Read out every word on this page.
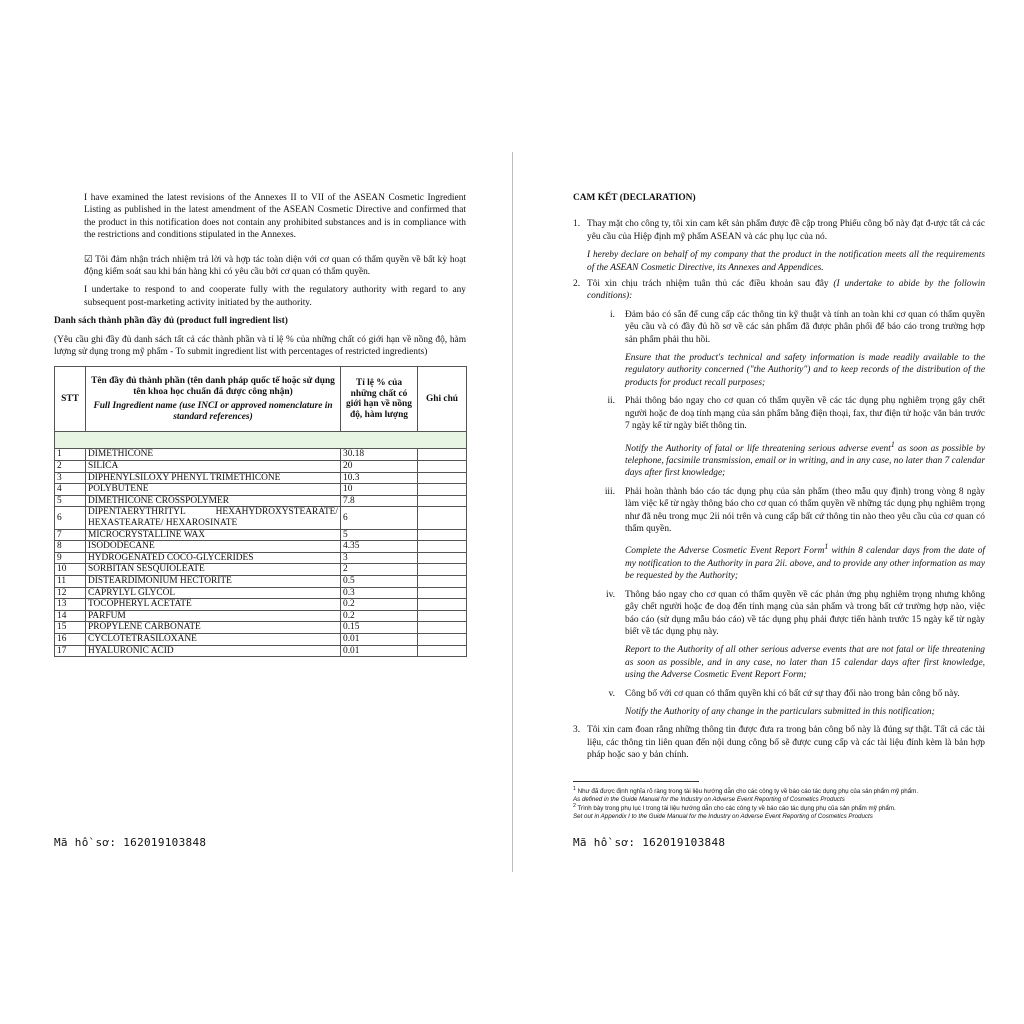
I have examined the latest revisions of the Annexes II to VII of the ASEAN Cosmetic Ingredient Listing as published in the latest amendment of the ASEAN Cosmetic Directive and confirmed that the product in this notification does not contain any prohibited substances and is in compliance with the restrictions and conditions stipulated in the Annexes.

☑ Tôi đảm nhận trách nhiệm trả lời và hợp tác toàn diện với cơ quan có thẩm quyền về bất kỳ hoạt động kiểm soát sau khi bán hàng khi có yêu cầu bởi cơ quan có thẩm quyền.

I undertake to respond to and cooperate fully with the regulatory authority with regard to any subsequent post-marketing activity initiated by the authority.

Danh sách thành phần đầy đủ (product full ingredient list)

(Yêu cầu ghi đầy đủ danh sách tất cả các thành phần và tỉ lệ % của những chất có giới hạn về nồng độ, hàm lượng sử dụng trong mỹ phẩm - To submit ingredient list with percentages of restricted ingredients)

STT	Tên đầy đủ thành phần (tên danh pháp quốc tế hoặc sử dụng tên khoa học chuẩn đã được công nhận)
Full Ingredient name (use INCI or approved nomenclature in standard references)	Tỉ lệ % của những chất có giới hạn về nồng độ, hàm lượng	Ghi chú

1	DIMETHICONE	30.18	
2	SILICA	20	
3	DIPHENYLSILOXY PHENYL TRIMETHICONE	10.3	
4	POLYBUTENE	10	
5	DIMETHICONE CROSSPOLYMER	7.8	
6	DIPENTAERYTHRITYL HEXAHYDROXYSTEARATE/ HEXASTEARATE/ HEXAROSINATE	6	
7	MICROCRYSTALLINE WAX	5	
8	ISODODECANE	4.35	
9	HYDROGENATED COCO-GLYCERIDES	3	
10	SORBITAN SESQUIOLEATE	2	
11	DISTEARDIMONIUM HECTORITE	0.5	
12	CAPRYLYL GLYCOL	0.3	
13	TOCOPHERYL ACETATE	0.2	
14	PARFUM	0.2	
15	PROPYLENE CARBONATE	0.15	
16	CYCLOTETRASILOXANE	0.01	
17	HYALURONIC ACID	0.01	
Mã hồ sơ: 162019103848

CAM KẾT (DECLARATION)

1. Thay mặt cho công ty, tôi xin cam kết sản phẩm được đề cập trong Phiếu công bố này đạt đ-ược tất cả các yêu cầu của Hiệp định mỹ phẩm ASEAN và các phụ lục của nó.

I hereby declare on behalf of my company that the product in the notification meets all the requirements of the ASEAN Cosmetic Directive, its Annexes and Appendices.

2. Tôi xin chịu trách nhiệm tuân thủ các điều khoản sau đây (I undertake to abide by the followin conditions):

i. Đảm bảo có sẵn để cung cấp các thông tin kỹ thuật và tính an toàn khi cơ quan có thẩm quyền yêu cầu và có đầy đủ hồ sơ về các sản phẩm đã được phân phối để báo cáo trong trường hợp sản phẩm phải thu hồi.

Ensure that the product's technical and safety information is made readily available to the regulatory authority concerned ("the Authority") and to keep records of the distribution of the products for product recall purposes;

ii. Phải thông báo ngay cho cơ quan có thẩm quyền về các tác dụng phụ nghiêm trọng gây chết người hoặc đe doạ tính mạng của sản phẩm bằng điện thoại, fax, thư điện tử hoặc văn bản trước 7 ngày kể từ ngày biết thông tin.

Notify the Authority of fatal or life threatening serious adverse event$^1$ as soon as possible by telephone, facsimile transmission, email or in writing, and in any case, no later than 7 calendar days after first knowledge;

iii. Phải hoàn thành báo cáo tác dụng phụ của sản phẩm (theo mẫu quy định) trong vòng 8 ngày làm việc kể từ ngày thông báo cho cơ quan có thẩm quyền về những tác dụng phụ nghiêm trọng như đã nêu trong mục 2ii nói trên và cung cấp bất cứ thông tin nào theo yêu cầu của cơ quan có thẩm quyền.

Complete the Adverse Cosmetic Event Report Form$^1$ within 8 calendar days from the date of my notification to the Authority in para 2ii. above, and to provide any other information as may be requested by the Authority;

iv. Thông báo ngay cho cơ quan có thẩm quyền về các phản ứng phụ nghiêm trọng nhưng không gây chết người hoặc đe doạ đến tính mạng của sản phẩm và trong bất cứ trường hợp nào, việc báo cáo (sử dụng mẫu báo cáo) về tác dụng phụ phải được tiến hành trước 15 ngày kể từ ngày biết về tác dụng phụ này.

Report to the Authority of all other serious adverse events that are not fatal or life threatening as soon as possible, and in any case, no later than 15 calendar days after first knowledge, using the Adverse Cosmetic Event Report Form;

v. Công bố với cơ quan có thẩm quyền khi có bất cứ sự thay đổi nào trong bản công bố này.

Notify the Authority of any change in the particulars submitted in this notification;

3. Tôi xin cam đoan rằng những thông tin được đưa ra trong bản công bố này là đúng sự thật. Tất cả các tài liệu, các thông tin liên quan đến nội dung công bố sẽ được cung cấp và các tài liệu đính kèm là bản hợp pháp hoặc sao y bản chính.

$^1$ Như đã được định nghĩa rõ ràng trong tài liệu hướng dẫn cho các công ty về báo cáo tác dụng phụ của sản phẩm mỹ phẩm.
As defined in the Guide Manual for the Industry on Adverse Event Reporting of Cosmetics Products
$^2$ Trình bày trong phụ lục I trong tài liệu hướng dẫn cho các công ty về báo cáo tác dụng phụ của sản phẩm mỹ phẩm.
Set out in Appendix I to the Guide Manual for the Industry on Adverse Event Reporting of Cosmetics Products
Mã hồ sơ: 162019103848
